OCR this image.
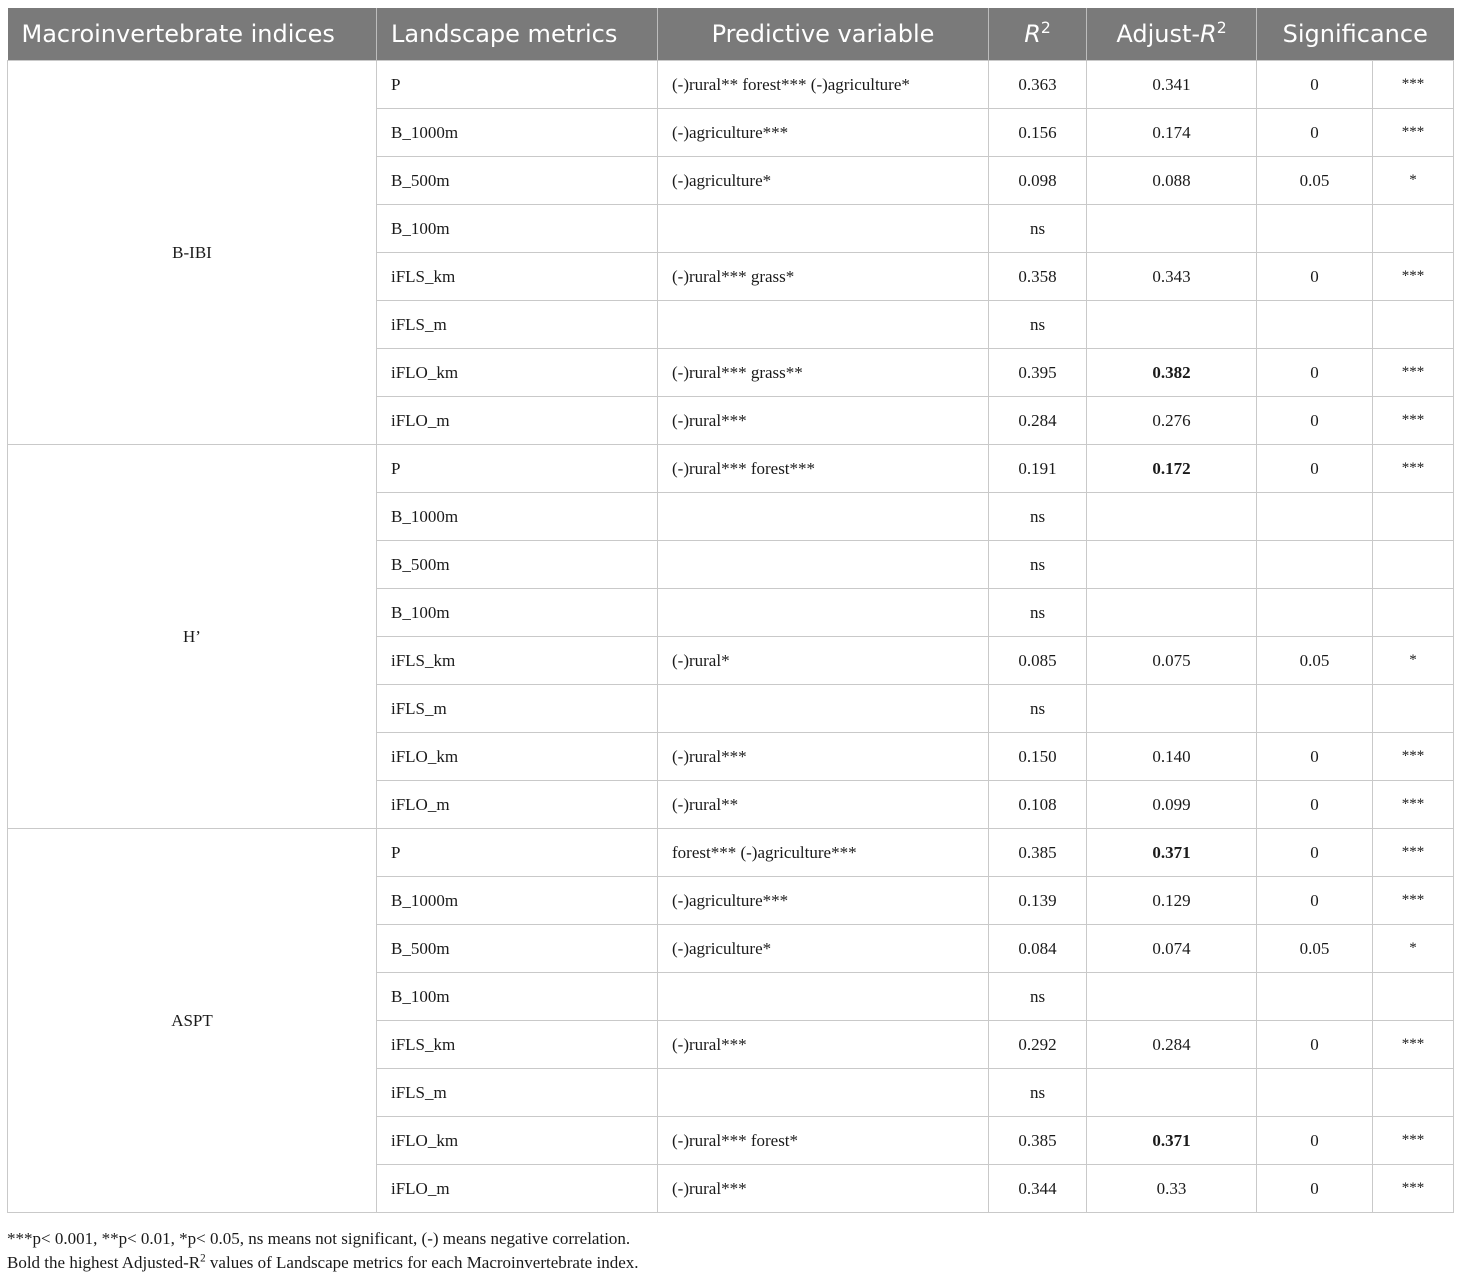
Macroinvertebrate indices	Landscape metrics	Predictive variable	$R^2$	Adjust-$R^2$	Significance	
B-IBI	P	(-)rural** forest*** (-)agriculture*	0.363	0.341	0	***
	B_1000m	(-)agriculture***	0.156	0.174	0	***
	B_500m	(-)agriculture*	0.098	0.088	0.05	*
	B_100m		ns			
	iFLS_km	(-)rural*** grass*	0.358	0.343	0	***
	iFLS_m		ns			
	iFLO_km	(-)rural*** grass**	0.395	0.382	0	***
	iFLO_m	(-)rural***	0.284	0.276	0	***
H’	P	(-)rural*** forest***	0.191	0.172	0	***
	B_1000m		ns			
	B_500m		ns			
	B_100m		ns			
	iFLS_km	(-)rural*	0.085	0.075	0.05	*
	iFLS_m		ns			
	iFLO_km	(-)rural***	0.150	0.140	0	***
	iFLO_m	(-)rural**	0.108	0.099	0	***
ASPT	P	forest*** (-)agriculture***	0.385	0.371	0	***
	B_1000m	(-)agriculture***	0.139	0.129	0	***
	B_500m	(-)agriculture*	0.084	0.074	0.05	*
	B_100m		ns			
	iFLS_km	(-)rural***	0.292	0.284	0	***
	iFLS_m		ns			
	iFLO_km	(-)rural*** forest*	0.385	0.371	0	***
	iFLO_m	(-)rural***	0.344	0.33	0	***
***p< 0.001, **p< 0.01, *p< 0.05, ns means not significant, (-) means negative correlation.
Bold the highest Adjusted-$R^2$ values of Landscape metrics for each Macroinvertebrate index.
